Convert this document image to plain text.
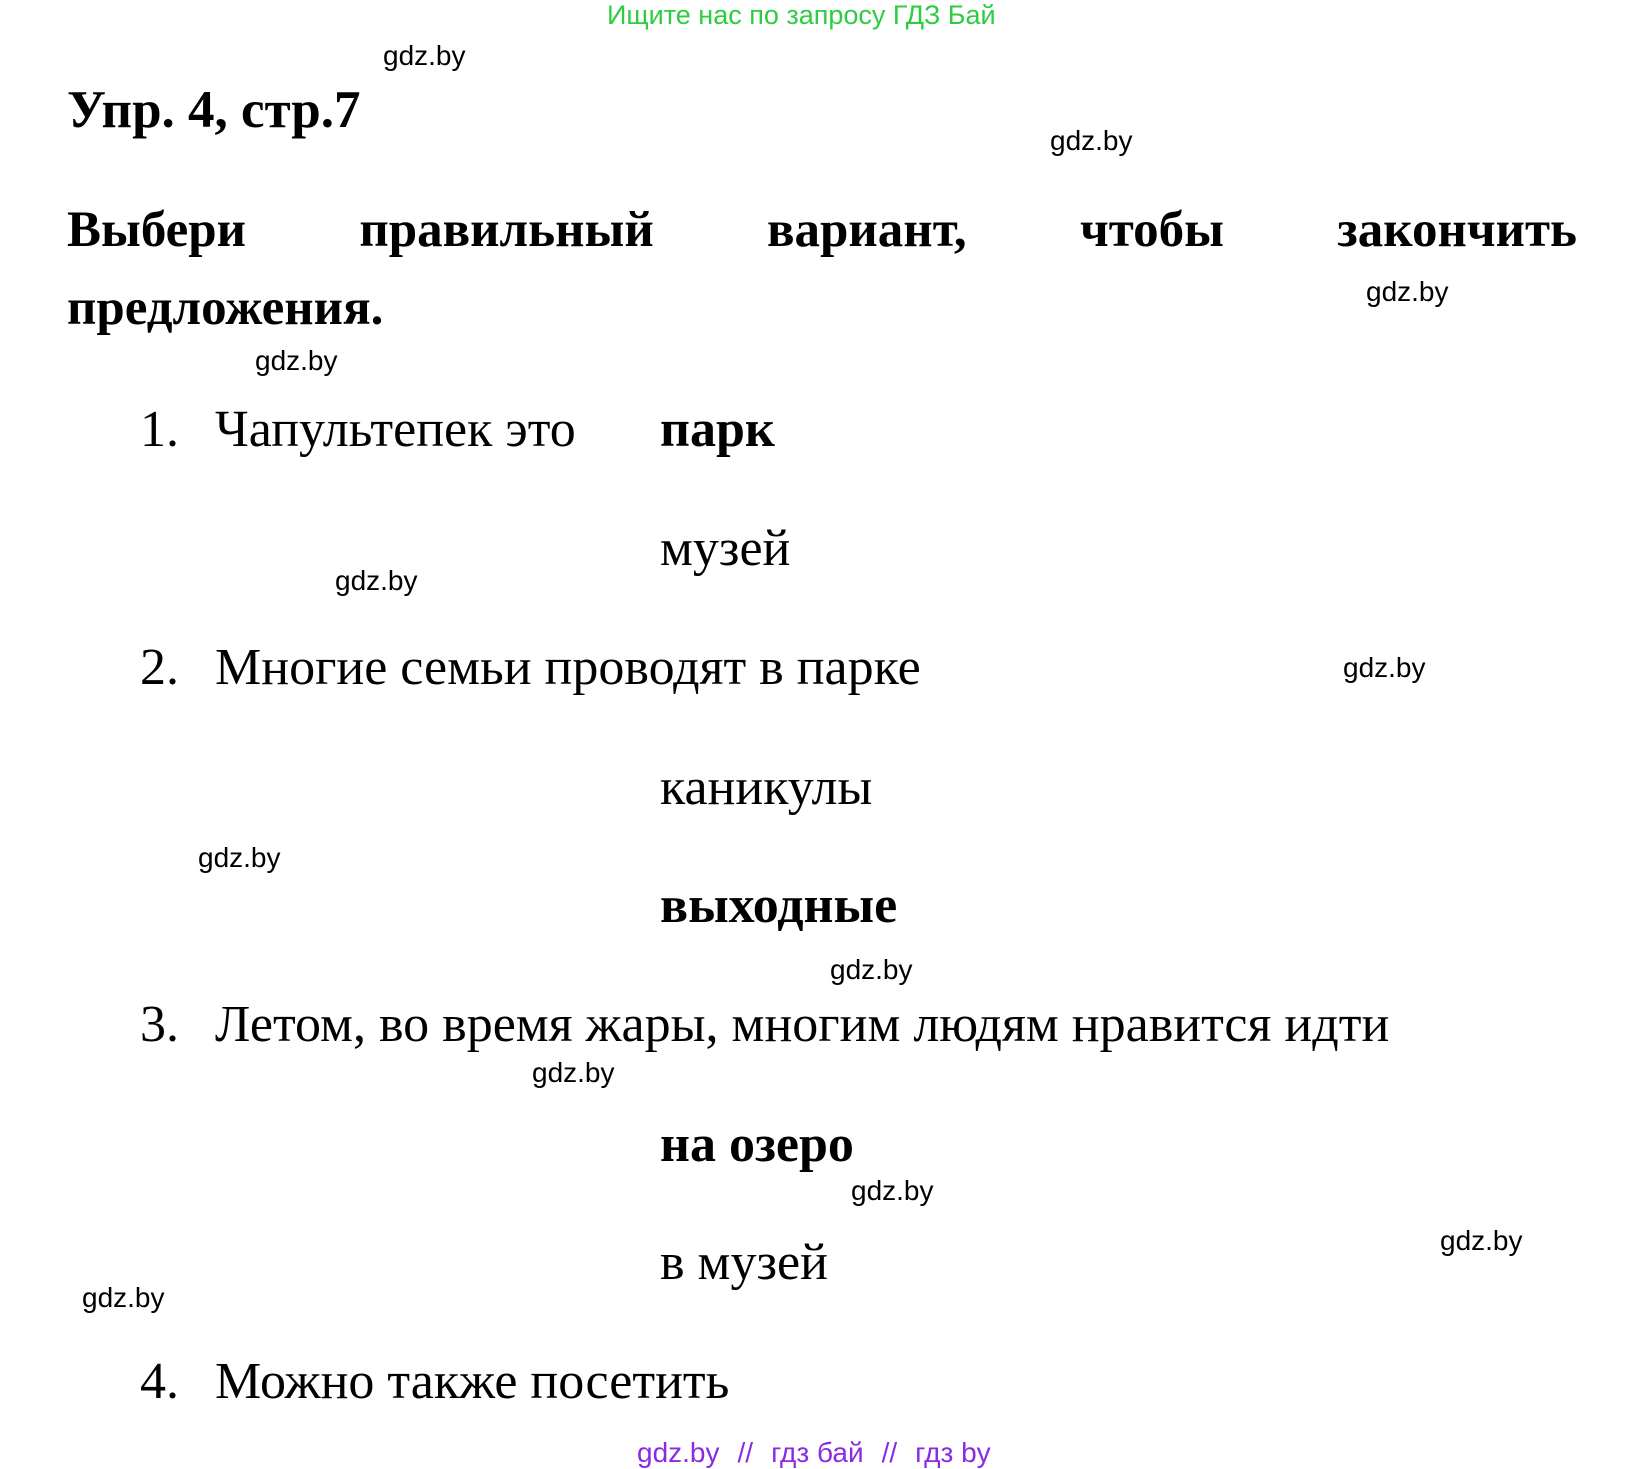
Ищите нас по запросу ГДЗ Бай
gdz.by
gdz.by
gdz.by
gdz.by
gdz.by
gdz.by
gdz.by
gdz.by
gdz.by
gdz.by
gdz.by
gdz.by
Упр. 4, стр.7
Выбери правильный вариант, чтобы закончить
предложения.
1. Чапультепек это парк
музей
2. Многие семьи проводят в парке
каникулы
выходные
3. Летом, во время жары, многим людям нравится идти
на озеро
в музей
4. Можно также посетить
gdz.by // гдз бай // гдз by
